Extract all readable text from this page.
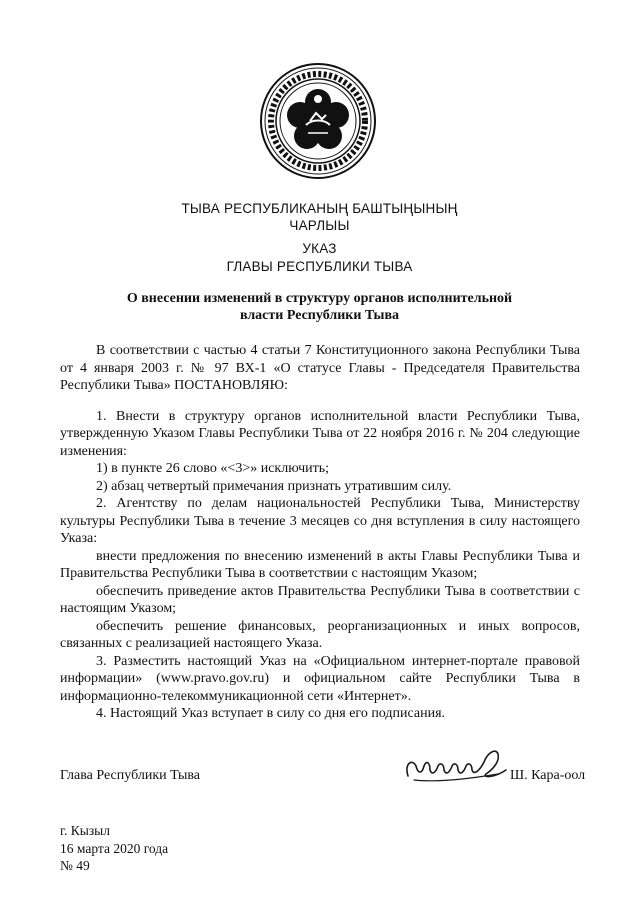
ТЫВА РЕСПУБЛИКАНЫҢ БАШТЫҢЫНЫҢ
ЧАРЛЫЫ
УКАЗ
ГЛАВЫ РЕСПУБЛИКИ ТЫВА
О внесении изменений в структуру органов исполнительной
власти Республики Тыва

В соответствии с частью 4 статьи 7 Конституционного закона Республики Тыва от 4 января 2003 г. № 97 ВХ-1 «О статусе Главы - Председателя Правительства Республики Тыва» ПОСТАНОВЛЯЮ:

1. Внести в структуру органов исполнительной власти Республики Тыва, утвержденную Указом Главы Республики Тыва от 22 ноября 2016 г. № 204 следующие изменения:

1) в пункте 26 слово «<3>» исключить;

2) абзац четвертый примечания признать утратившим силу.

2. Агентству по делам национальностей Республики Тыва, Министерству культуры Республики Тыва в течение 3 месяцев со дня вступления в силу настоящего Указа:

внести предложения по внесению изменений в акты Главы Республики Тыва и Правительства Республики Тыва в соответствии с настоящим Указом;

обеспечить приведение актов Правительства Республики Тыва в соответствии с настоящим Указом;

обеспечить решение финансовых, реорганизационных и иных вопросов, связанных с реализацией настоящего Указа.

3. Разместить настоящий Указ на «Официальном интернет-портале правовой информации» (www.pravo.gov.ru) и официальном сайте Республики Тыва в информационно-телекоммуникационной сети «Интернет».

4. Настоящий Указ вступает в силу со дня его подписания.

Глава Республики Тыва	Ш. Кара-оол
г. Кызыл
16 марта 2020 года
№ 49
